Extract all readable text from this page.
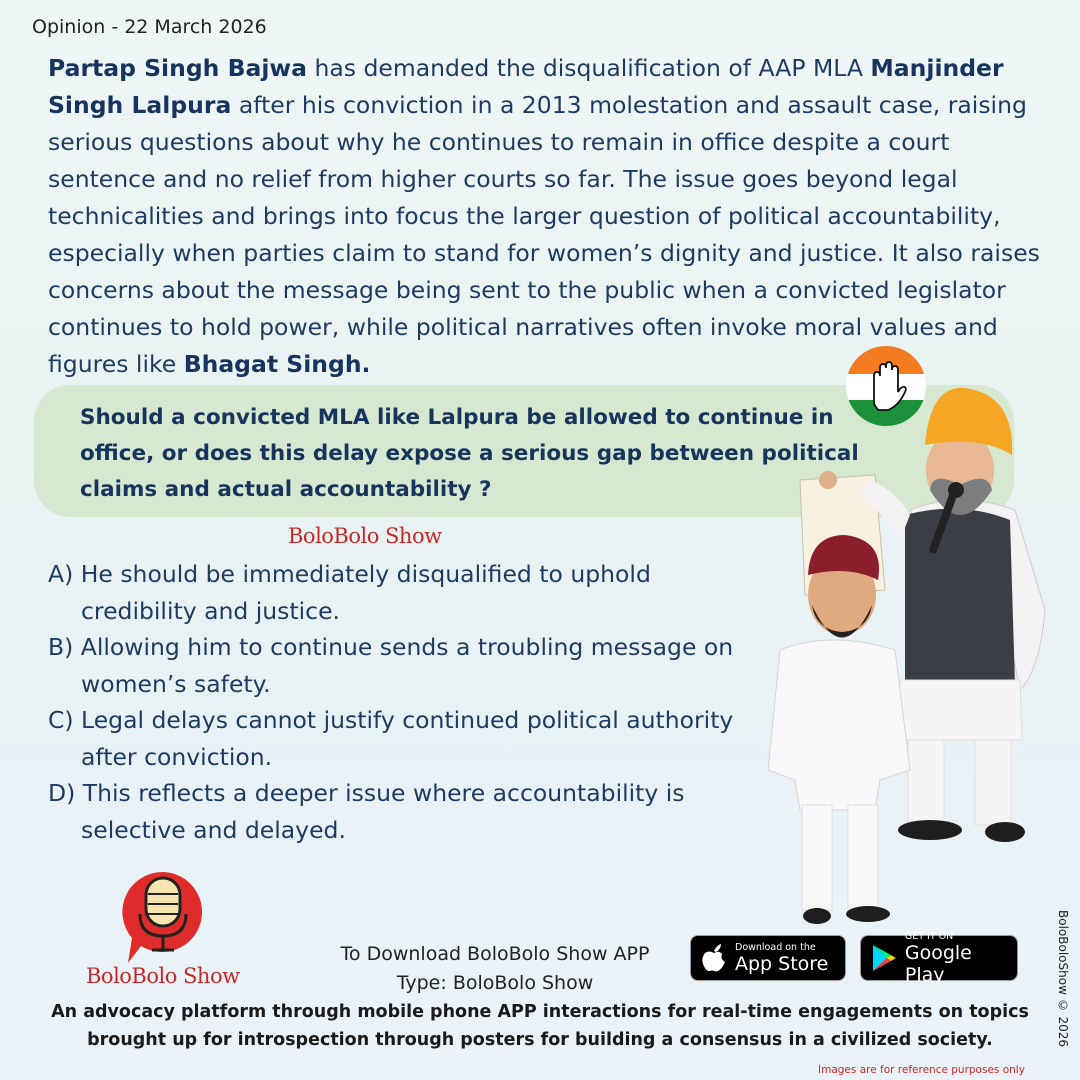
Opinion - 22 March 2026

Partap Singh Bajwa has demanded the disqualification of AAP MLA Manjinder Singh Lalpura after his conviction in a 2013 molestation and assault case, raising serious questions about why he continues to remain in office despite a court sentence and no relief from higher courts so far. The issue goes beyond legal technicalities and brings into focus the larger question of political accountability, especially when parties claim to stand for women’s dignity and justice. It also raises concerns about the message being sent to the public when a convicted legislator continues to hold power, while political narratives often invoke moral values and figures like Bhagat Singh.

Should a convicted MLA like Lalpura be allowed to continue in office, or does this delay expose a serious gap between political claims and actual accountability ?
BoloBolo Show
A) He should be immediately disqualified to uphold credibility and justice.
B) Allowing him to continue sends a troubling message on women’s safety.
C) Legal delays cannot justify continued political authority after conviction.
D) This reflects a deeper issue where accountability is selective and delayed.
BoloBolo Show
To Download BoloBolo Show APP
Type: BoloBolo Show
Download on the
App Store
GET IT ON
Google Play
An advocacy platform through mobile phone APP interactions for real-time engagements on topics brought up for introspection through posters for building a consensus in a civilized society.
Images are for reference purposes only
BoloBoloShow © 2026
